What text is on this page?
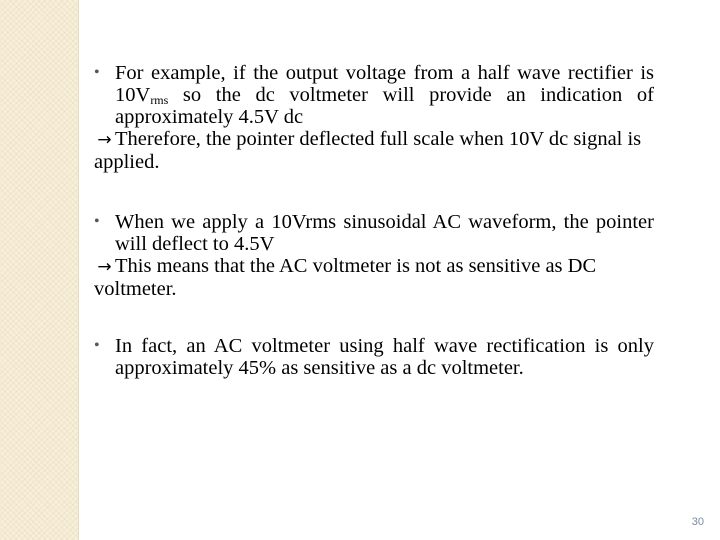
• For example, if the output voltage from a half wave rectifier is $10V_{rms}$ so the dc voltmeter will provide an indication of approximately 4.5V dc
→ Therefore, the pointer deflected full scale when 10V dc signal is applied.
• When we apply a 10Vrms sinusoidal AC waveform, the pointer will deflect to 4.5V
→ This means that the AC voltmeter is not as sensitive as DC voltmeter.
• In fact, an AC voltmeter using half wave rectification is only approximately 45% as sensitive as a dc voltmeter.
30
